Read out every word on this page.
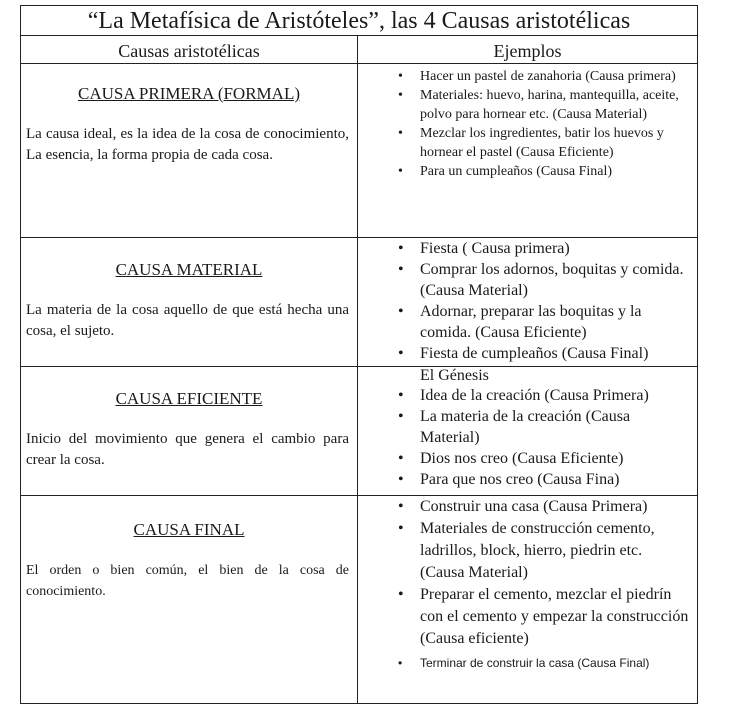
“La Metafísica de Aristóteles”, las 4 Causas aristotélicas
Causas aristotélicas	Ejemplos
CAUSA PRIMERA (FORMAL)
La causa ideal, es la idea de la cosa de conocimiento, La esencia, la forma propia de cada cosa.
• Hacer un pastel de zanahoria (Causa primera)
• Materiales: huevo, harina, mantequilla, aceite, polvo para hornear etc. (Causa Material)
• Mezclar los ingredientes, batir los huevos y hornear el pastel (Causa Eficiente)
• Para un cumpleaños (Causa Final)
CAUSA MATERIAL
La materia de la cosa aquello de que está hecha una cosa, el sujeto.
• Fiesta ( Causa primera)
• Comprar los adornos, boquitas y comida. (Causa Material)
• Adornar, preparar las boquitas y la comida. (Causa Eficiente)
• Fiesta de cumpleaños (Causa Final)
CAUSA EFICIENTE
Inicio del movimiento que genera el cambio para crear la cosa.
El Génesis
• Idea de la creación (Causa Primera)
• La materia de la creación (Causa Material)
• Dios nos creo (Causa Eficiente)
• Para que nos creo (Causa Fina)
CAUSA FINAL
El orden o bien común, el bien de la cosa de conocimiento.
• Construir una casa (Causa Primera)
• Materiales de construcción cemento, ladrillos, block, hierro, piedrin etc. (Causa Material)
• Preparar el cemento, mezclar el piedrín con el cemento y empezar la construcción (Causa eficiente)
• Terminar de construir la casa (Causa Final)
